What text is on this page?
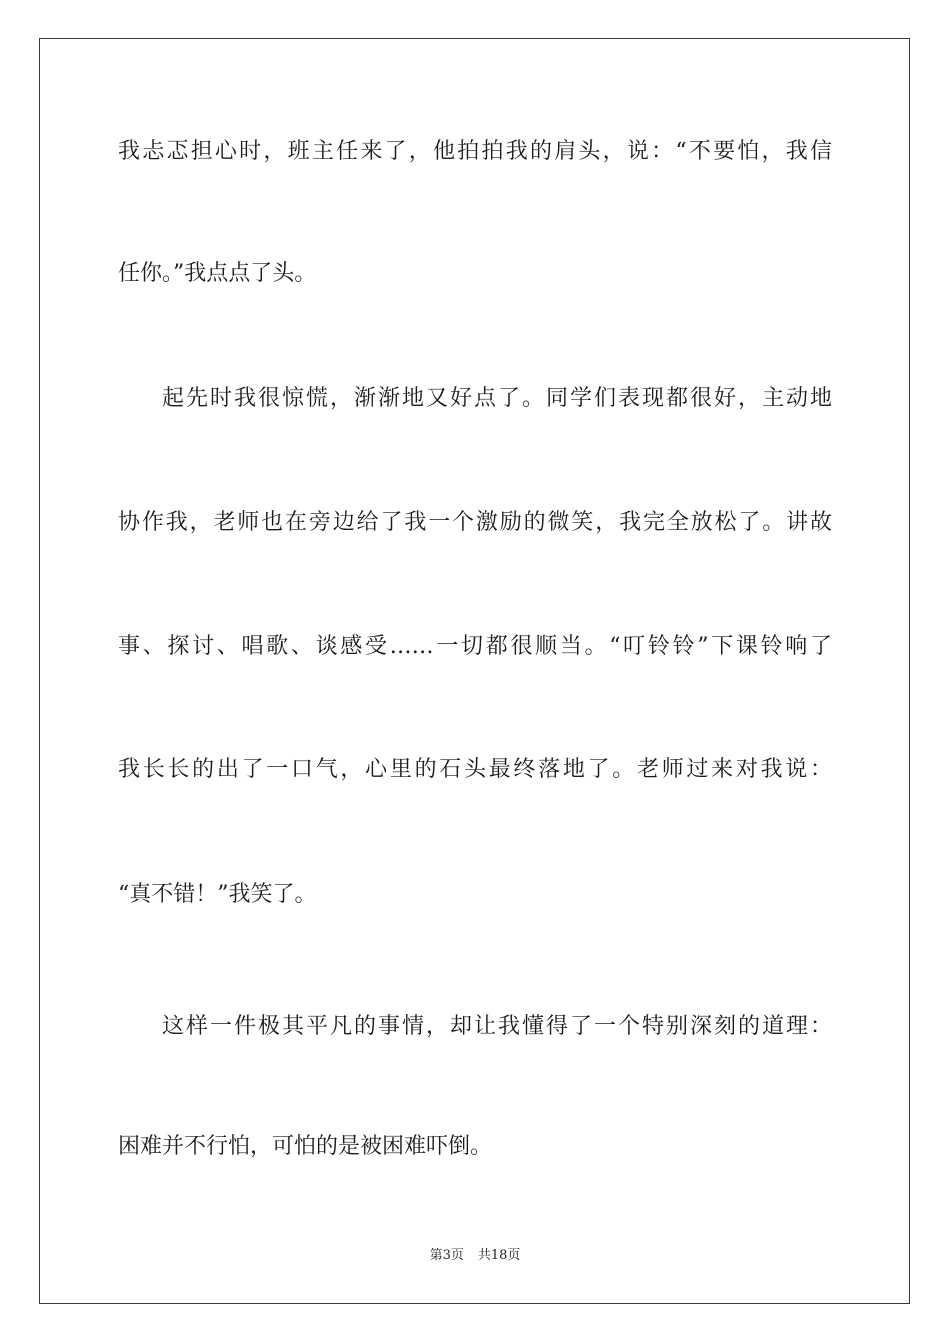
我忐忑担心时，班主任来了，他拍拍我的肩头，说：“不要怕，我信
任你。”我点点了头。
起先时我很惊慌，渐渐地又好点了。同学们表现都很好，主动地
协作我，老师也在旁边给了我一个激励的微笑，我完全放松了。讲故
事、探讨、唱歌、谈感受……一切都很顺当。“叮铃铃”下课铃响了
我长长的出了一口气，心里的石头最终落地了。老师过来对我说：
“真不错！”我笑了。
这样一件极其平凡的事情，却让我懂得了一个特别深刻的道理：
困难并不行怕，可怕的是被困难吓倒。
第3页 共18页
